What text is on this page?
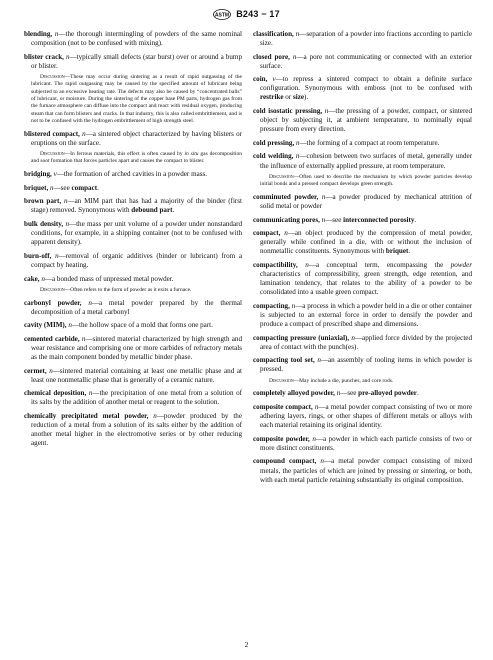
ASTM B243 − 17

blending, n—the thorough intermingling of powders of the same nominal composition (not to be confused with mixing).

blister crack, n—typically small defects (star burst) over or around a bump or blister.

Discussion—These may occur during sintering as a result of rapid outgassing of the lubricant. The rapid outgassing may be caused by the specified amount of lubricant being subjected to an excessive heating rate. The defects may also be caused by “concentrated balls” of lubricant, or moisture. During the sintering of the copper base PM parts, hydrogen gas from the furnace atmosphere can diffuse into the compact and react with residual oxygen, producing steam that can form blisters and cracks. In that industry, this is also called embrittlement, and is not to be confused with the hydrogen embrittlement of high strength steel.

blistered compact, n—a sintered object characterized by having blisters or eruptions on the surface.

Discussion—In ferrous materials, this effect is often caused by in situ gas decomposition and soot formation that forces particles apart and causes the compact to blister.

bridging, v—the formation of arched cavities in a powder mass.

briquet, n—see compact.

brown part, n—an MIM part that has had a majority of the binder (first stage) removed. Synonymous with debound part.

bulk density, n—the mass per unit volume of a powder under nonstandard conditions, for example, in a shipping container (not to be confused with apparent density).

burn-off, n—removal of organic additives (binder or lubricant) from a compact by heating.

cake, n—a bonded mass of unpressed metal powder.

Discussion—Often refers to the form of powder as it exits a furnace.

carbonyl powder, n—a metal powder prepared by the thermal decomposition of a metal carbonyl

cavity (MIM), n—the hollow space of a mold that forms one part.

cemented carbide, n—sintered material characterized by high strength and wear resistance and comprising one or more carbides of refractory metals as the main component bonded by metallic binder phase.

cermet, n—sintered material containing at least one metallic phase and at least one nonmetallic phase that is generally of a ceramic nature.

chemical deposition, n—the precipitation of one metal from a solution of its salts by the addition of another metal or reagent to the solution.

chemically precipitated metal powder, n—powder produced by the reduction of a metal from a solution of its salts either by the addition of another metal higher in the electromotive series or by other reducing agent.

classification, n—separation of a powder into fractions according to particle size.

closed pore, n—a pore not communicating or connected with an exterior surface.

coin, v—to repress a sintered compact to obtain a definite surface configuration. Synonymous with emboss (not to be confused with restrike or size).

cold isostatic pressing, n—the pressing of a powder, compact, or sintered object by subjecting it, at ambient temperature, to nominally equal pressure from every direction.

cold pressing, n—the forming of a compact at room temperature.

cold welding, n—cohesion between two surfaces of metal, generally under the influence of externally applied pressure, at room temperature.

Discussion—Often used to describe the mechanism by which powder particles develop initial bonds and a pressed compact develops green strength.

comminuted powder, n—a powder produced by mechanical attrition of solid metal or powder

communicating pores, n—see interconnected porosity.

compact, n—an object produced by the compression of metal powder, generally while confined in a die, with or without the inclusion of nonmetallic constituents. Synonymous with briquet.

compactibility, n—a conceptual term, encompassing the powder characteristics of compressibility, green strength, edge retention, and lamination tendency, that relates to the ability of a powder to be consolidated into a usable green compact.

compacting, n—a process in which a powder held in a die or other container is subjected to an external force in order to densify the powder and produce a compact of prescribed shape and dimensions.

compacting pressure (uniaxial), n—applied force divided by the projected area of contact with the punch(es).

compacting tool set, n—an assembly of tooling items in which powder is pressed.

Discussion—May include a die, punches, and core rods.

completely alloyed powder, n—see pre-alloyed powder.

composite compact, n—a metal powder compact consisting of two or more adhering layers, rings, or other shapes of different metals or alloys with each material retaining its original identity.

composite powder, n—a powder in which each particle consists of two or more distinct constituents.

compound compact, n—a metal powder compact consisting of mixed metals, the particles of which are joined by pressing or sintering, or both, with each metal particle retaining substantially its original composition.

2
